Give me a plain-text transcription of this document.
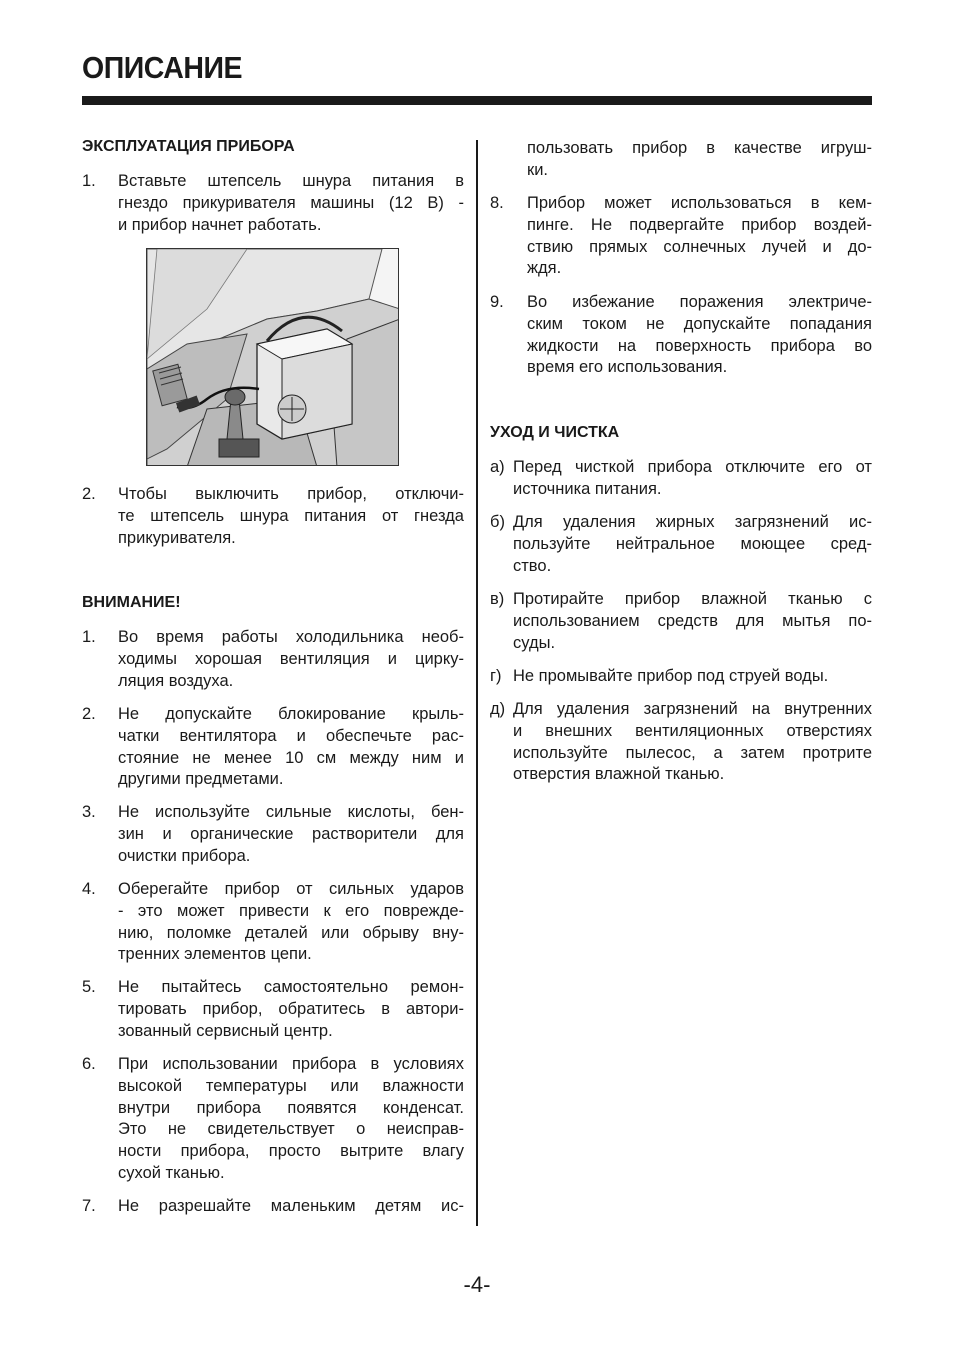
ОПИСАНИЕ
ЭКСПЛУАТАЦИЯ ПРИБОРА
1. Вставьте штепсель шнура питания в
гнездо прикуривателя машины (12 В) -
и прибор начнет работать.
2. Чтобы выключить прибор, отключи-
те штепсель шнура питания от гнезда
прикуривателя.
ВНИМАНИЕ!
1. Во время работы холодильника необ-
ходимы хорошая вентиляция и цирку-
ляция воздуха.
2. Не допускайте блокирование крыль-
чатки вентилятора и обеспечьте рас-
стояние не менее 10 см между ним и
другими предметами.
3. Не используйте сильные кислоты, бен-
зин и органические растворители для
очистки прибора.
4. Оберегайте прибор от сильных ударов
- это может привести к его поврежде-
нию, поломке деталей или обрыву вну-
тренних элементов цепи.
5. Не пытайтесь самостоятельно ремон-
тировать прибор, обратитесь в автори-
зованный сервисный центр.
6. При использовании прибора в условиях
высокой температуры или влажности
внутри прибора появятся конденсат.
Это не свидетельствует о неисправ-
ности прибора, просто вытрите влагу
сухой тканью.
7. Не разрешайте маленьким детям ис-
пользовать прибор в качестве игруш-
ки.
8. Прибор может использоваться в кем-
пинге. Не подвергайте прибор воздей-
ствию прямых солнечных лучей и до-
ждя.
9. Во избежание поражения электриче-
ским током не допускайте попадания
жидкости на поверхность прибора во
время его использования.
УХОД И ЧИСТКА
а) Перед чисткой прибора отключите его от
источника питания.
б) Для удаления жирных загрязнений ис-
пользуйте нейтральное моющее сред-
ство.
в) Протирайте прибор влажной тканью с
использованием средств для мытья по-
суды.
г) Не промывайте прибор под струей воды.
д) Для удаления загрязнений на внутренних
и внешних вентиляционных отверстиях
используйте пылесос, а затем протрите
отверстия влажной тканью.
-4-
